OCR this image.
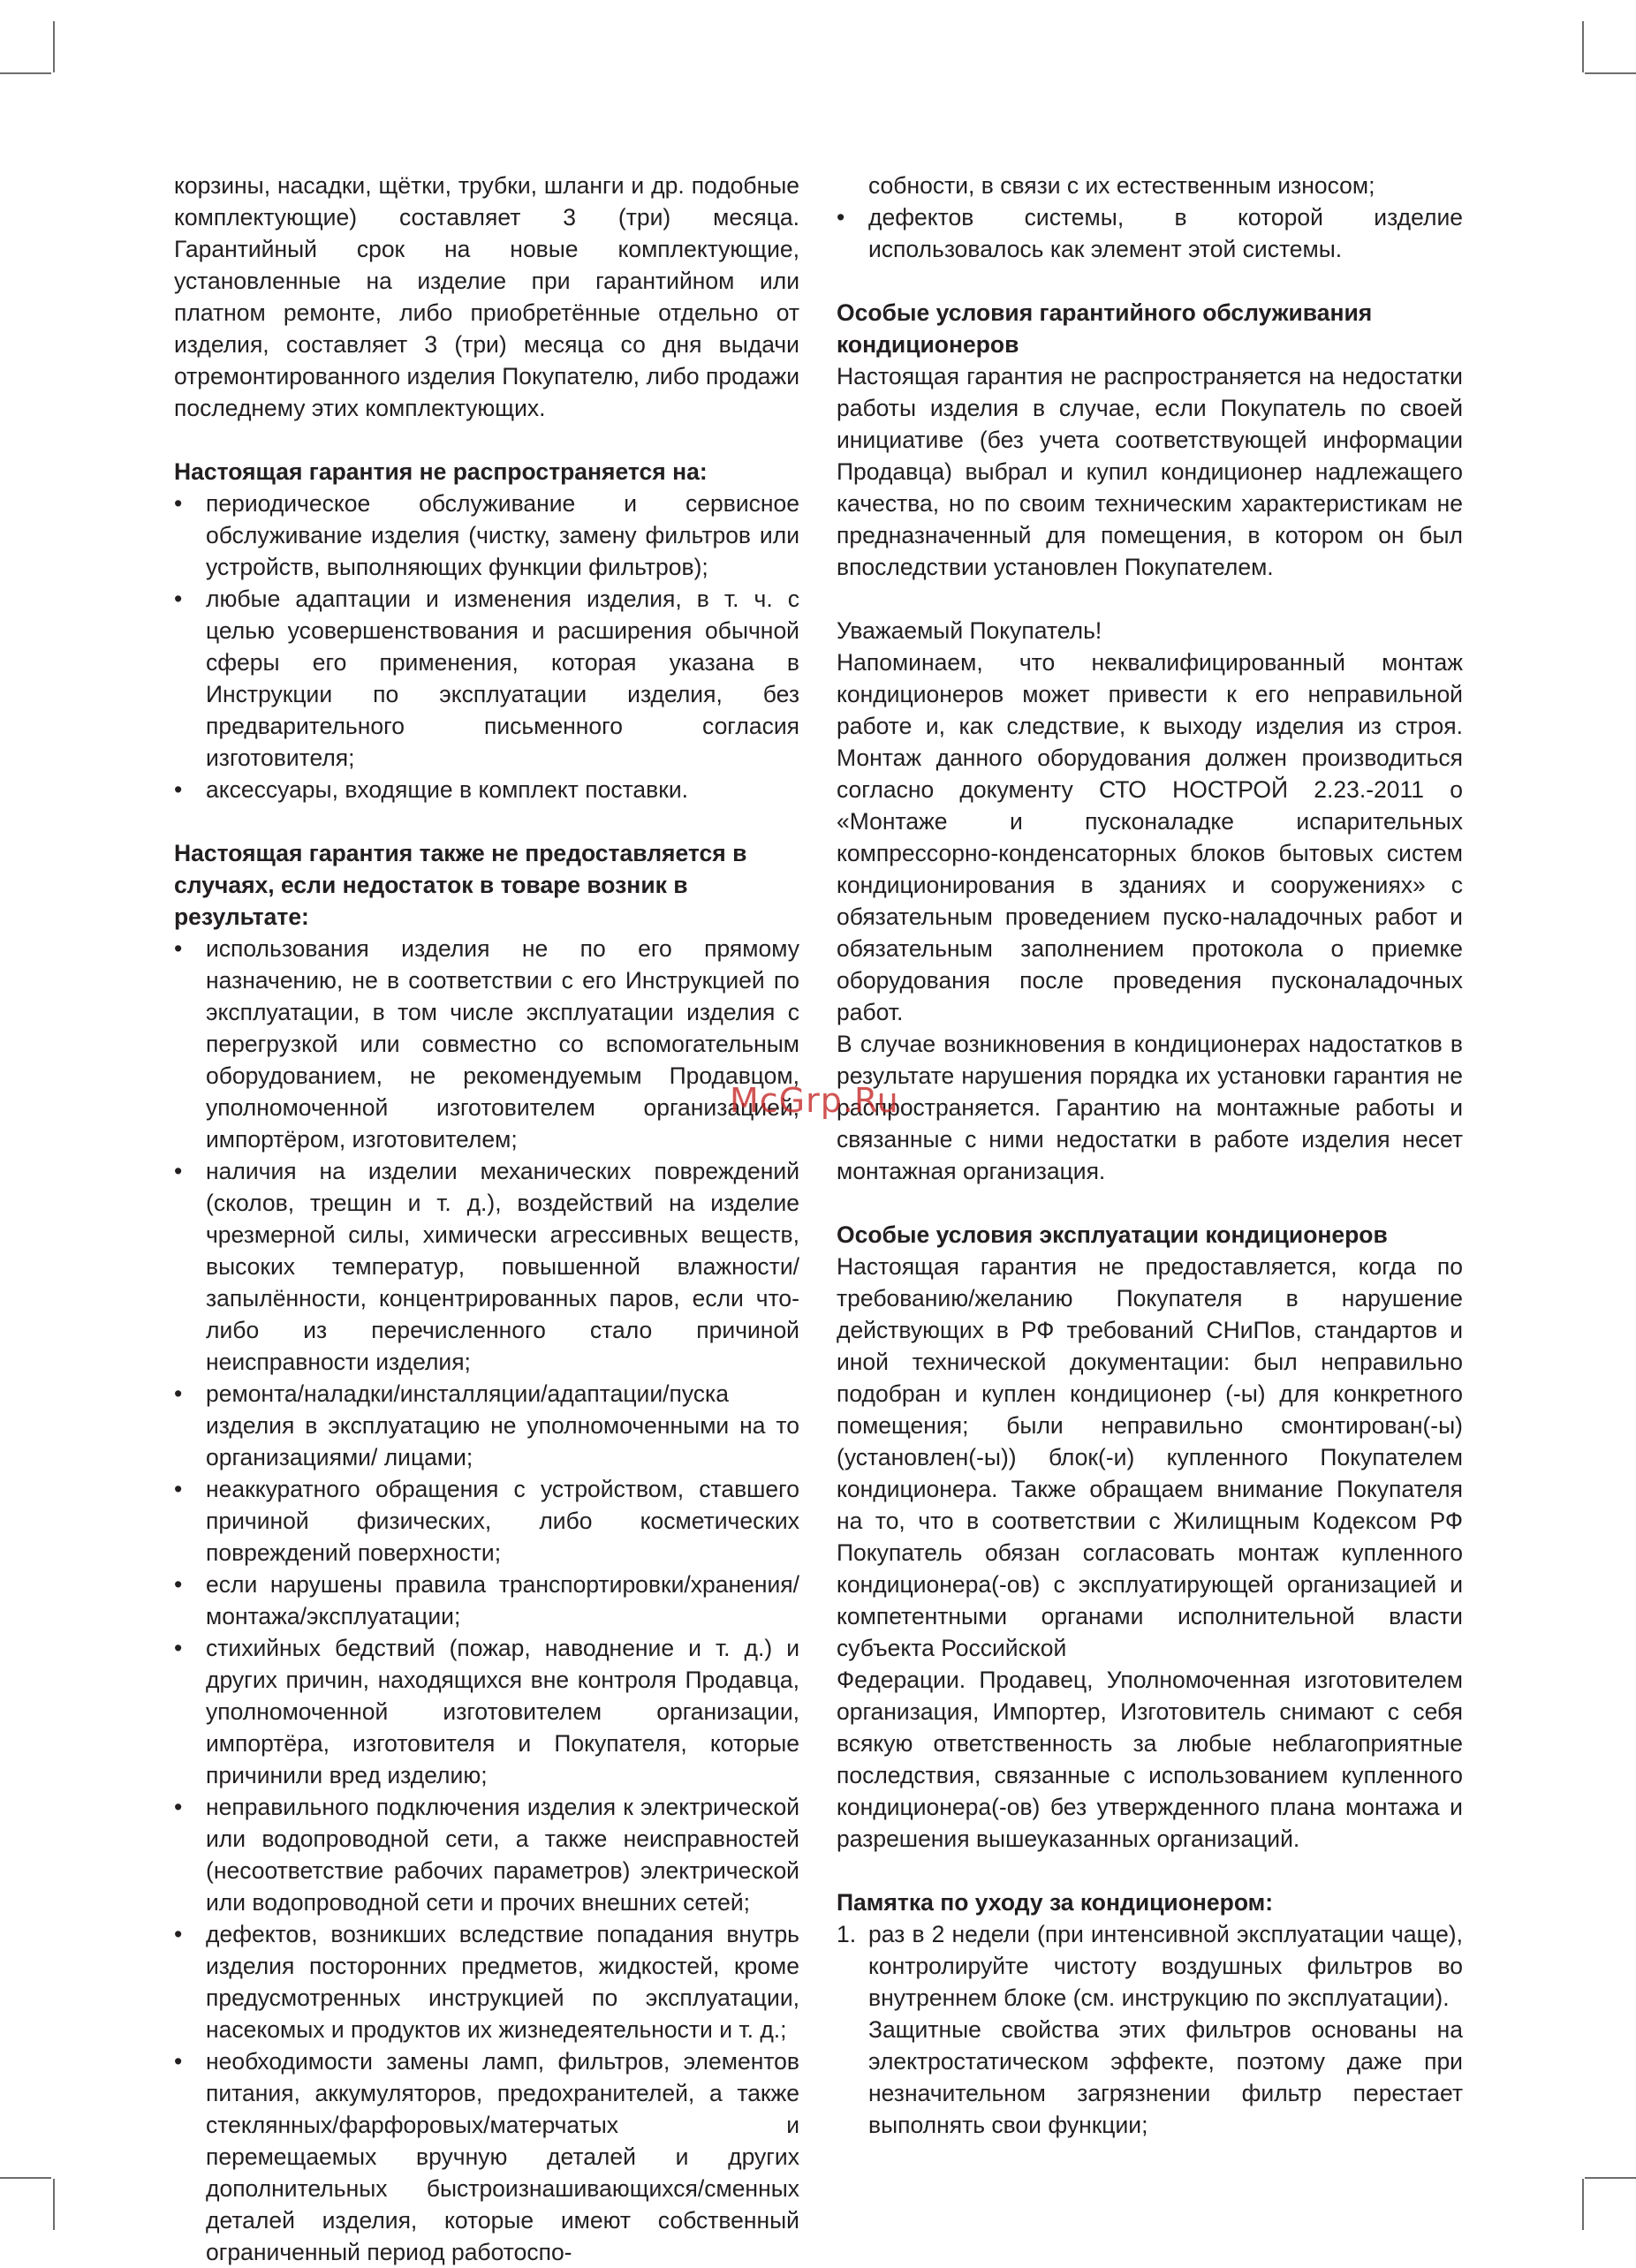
корзины, насадки, щётки, трубки, шланги и др. подобные комплектующие) составляет 3 (три) месяца. Гарантийный срок на новые комплектующие, установленные на изделие при гарантийном или платном ремонте, либо приобретённые отдельно от изделия, составляет 3 (три) месяца со дня выдачи отремонтированного изделия Покупателю, либо продажи последнему этих комплектующих.

Настоящая гарантия не распространяется на:

• периодическое обслуживание и сервисное обслуживание изделия (чистку, замену фильтров или устройств, выполняющих функции фильтров);
• любые адаптации и изменения изделия, в т. ч. с целью усовершенствования и расширения обычной сферы его применения, которая указана в Инструкции по эксплуатации изделия, без предварительного письменного согласия изготовителя;
• аксессуары, входящие в комплект поставки.

Настоящая гарантия также не предоставляется в случаях, если недостаток в товаре возник в результате:

• использования изделия не по его прямому назначению, не в соответствии с его Инструкцией по эксплуатации, в том числе эксплуатации изделия с перегрузкой или совместно со вспомогательным оборудованием, не рекомендуемым Продавцом, уполномоченной изготовителем организацией, импортёром, изготовителем;
• наличия на изделии механических повреждений (сколов, трещин и т. д.), воздействий на изделие чрезмерной силы, химически агрессивных веществ, высоких температур, повышенной влажности/запылённости, концентрированных паров, если что-либо из перечисленного стало причиной неисправности изделия;
• ремонта/наладки/инсталляции/адаптации/пуска изделия в эксплуатацию не уполномоченными на то организациями/ лицами;
• неаккуратного обращения с устройством, ставшего причиной физических, либо косметических повреждений поверхности;
• если нарушены правила транспортировки/хранения/монтажа/эксплуатации;
• стихийных бедствий (пожар, наводнение и т. д.) и других причин, находящихся вне контроля Продавца, уполномоченной изготовителем организации, импортёра, изготовителя и Покупателя, которые причинили вред изделию;
• неправильного подключения изделия к электрической или водопроводной сети, а также неисправностей (несоответствие рабочих параметров) электрической или водопроводной сети и прочих внешних сетей;
• дефектов, возникших вследствие попадания внутрь изделия посторонних предметов, жидкостей, кроме предусмотренных инструкцией по эксплуатации, насекомых и продуктов их жизнедеятельности и т. д.;
• необходимости замены ламп, фильтров, элементов питания, аккумуляторов, предохранителей, а также стеклянных/фарфоровых/матерчатых и перемещаемых вручную деталей и других дополнительных быстроизнашивающихся/сменных деталей изделия, которые имеют собственный ограниченный период работоспо-

собности, в связи с их естественным износом;

• дефектов системы, в которой изделие использовалось как элемент этой системы.

Особые условия гарантийного обслуживания кондиционеров

Настоящая гарантия не распространяется на недостатки работы изделия в случае, если Покупатель по своей инициативе (без учета соответствующей информации Продавца) выбрал и купил кондиционер надлежащего качества, но по своим техническим характеристикам не предназначенный для помещения, в котором он был впоследствии установлен Покупателем.

Уважаемый Покупатель!

Напоминаем, что неквалифицированный монтаж кондиционеров может привести к его неправильной работе и, как следствие, к выходу изделия из строя. Монтаж данного оборудования должен производиться согласно документу СТО НОСТРОЙ 2.23.-2011 о «Монтаже и пусконаладке испарительных компрессорно-конденсаторных блоков бытовых систем кондиционирования в зданиях и сооружениях» с обязательным проведением пуско-наладочных работ и обязательным заполнением протокола о приемке оборудования после проведения пусконаладочных работ.

В случае возникновения в кондиционерах надостатков в результате нарушения порядка их установки гарантия не распространяется. Гарантию на монтажные работы и связанные с ними недостатки в работе изделия несет монтажная организация.

Особые условия эксплуатации кондиционеров

Настоящая гарантия не предоставляется, когда по требованию/желанию Покупателя в нарушение действующих в РФ требований СНиПов, стандартов и иной технической документации: был неправильно подобран и куплен кондиционер (-ы) для конкретного помещения; были неправильно смонтирован(-ы) (установлен(-ы)) блок(-и) купленного Покупателем кондиционера. Также обращаем внимание Покупателя на то, что в соответствии с Жилищным Кодексом РФ Покупатель обязан согласовать монтаж купленного кондиционера(-ов) с эксплуатирующей организацией и компетентными органами исполнительной власти субъекта Российской

Федерации. Продавец, Уполномоченная изготовителем организация, Импортер, Изготовитель снимают с себя всякую ответственность за любые неблагоприятные последствия, связанные с использованием купленного кондиционера(-ов) без утвержденного плана монтажа и разрешения вышеуказанных организаций.

Памятка по уходу за кондиционером:

1. раз в 2 недели (при интенсивной эксплуатации чаще), контролируйте чистоту воздушных фильтров во внутреннем блоке (см. инструкцию по эксплуатации).

Защитные свойства этих фильтров основаны на электростатическом эффекте, поэтому даже при незначительном загрязнении фильтр перестает выполнять свои функции;

McGrp.Ru
